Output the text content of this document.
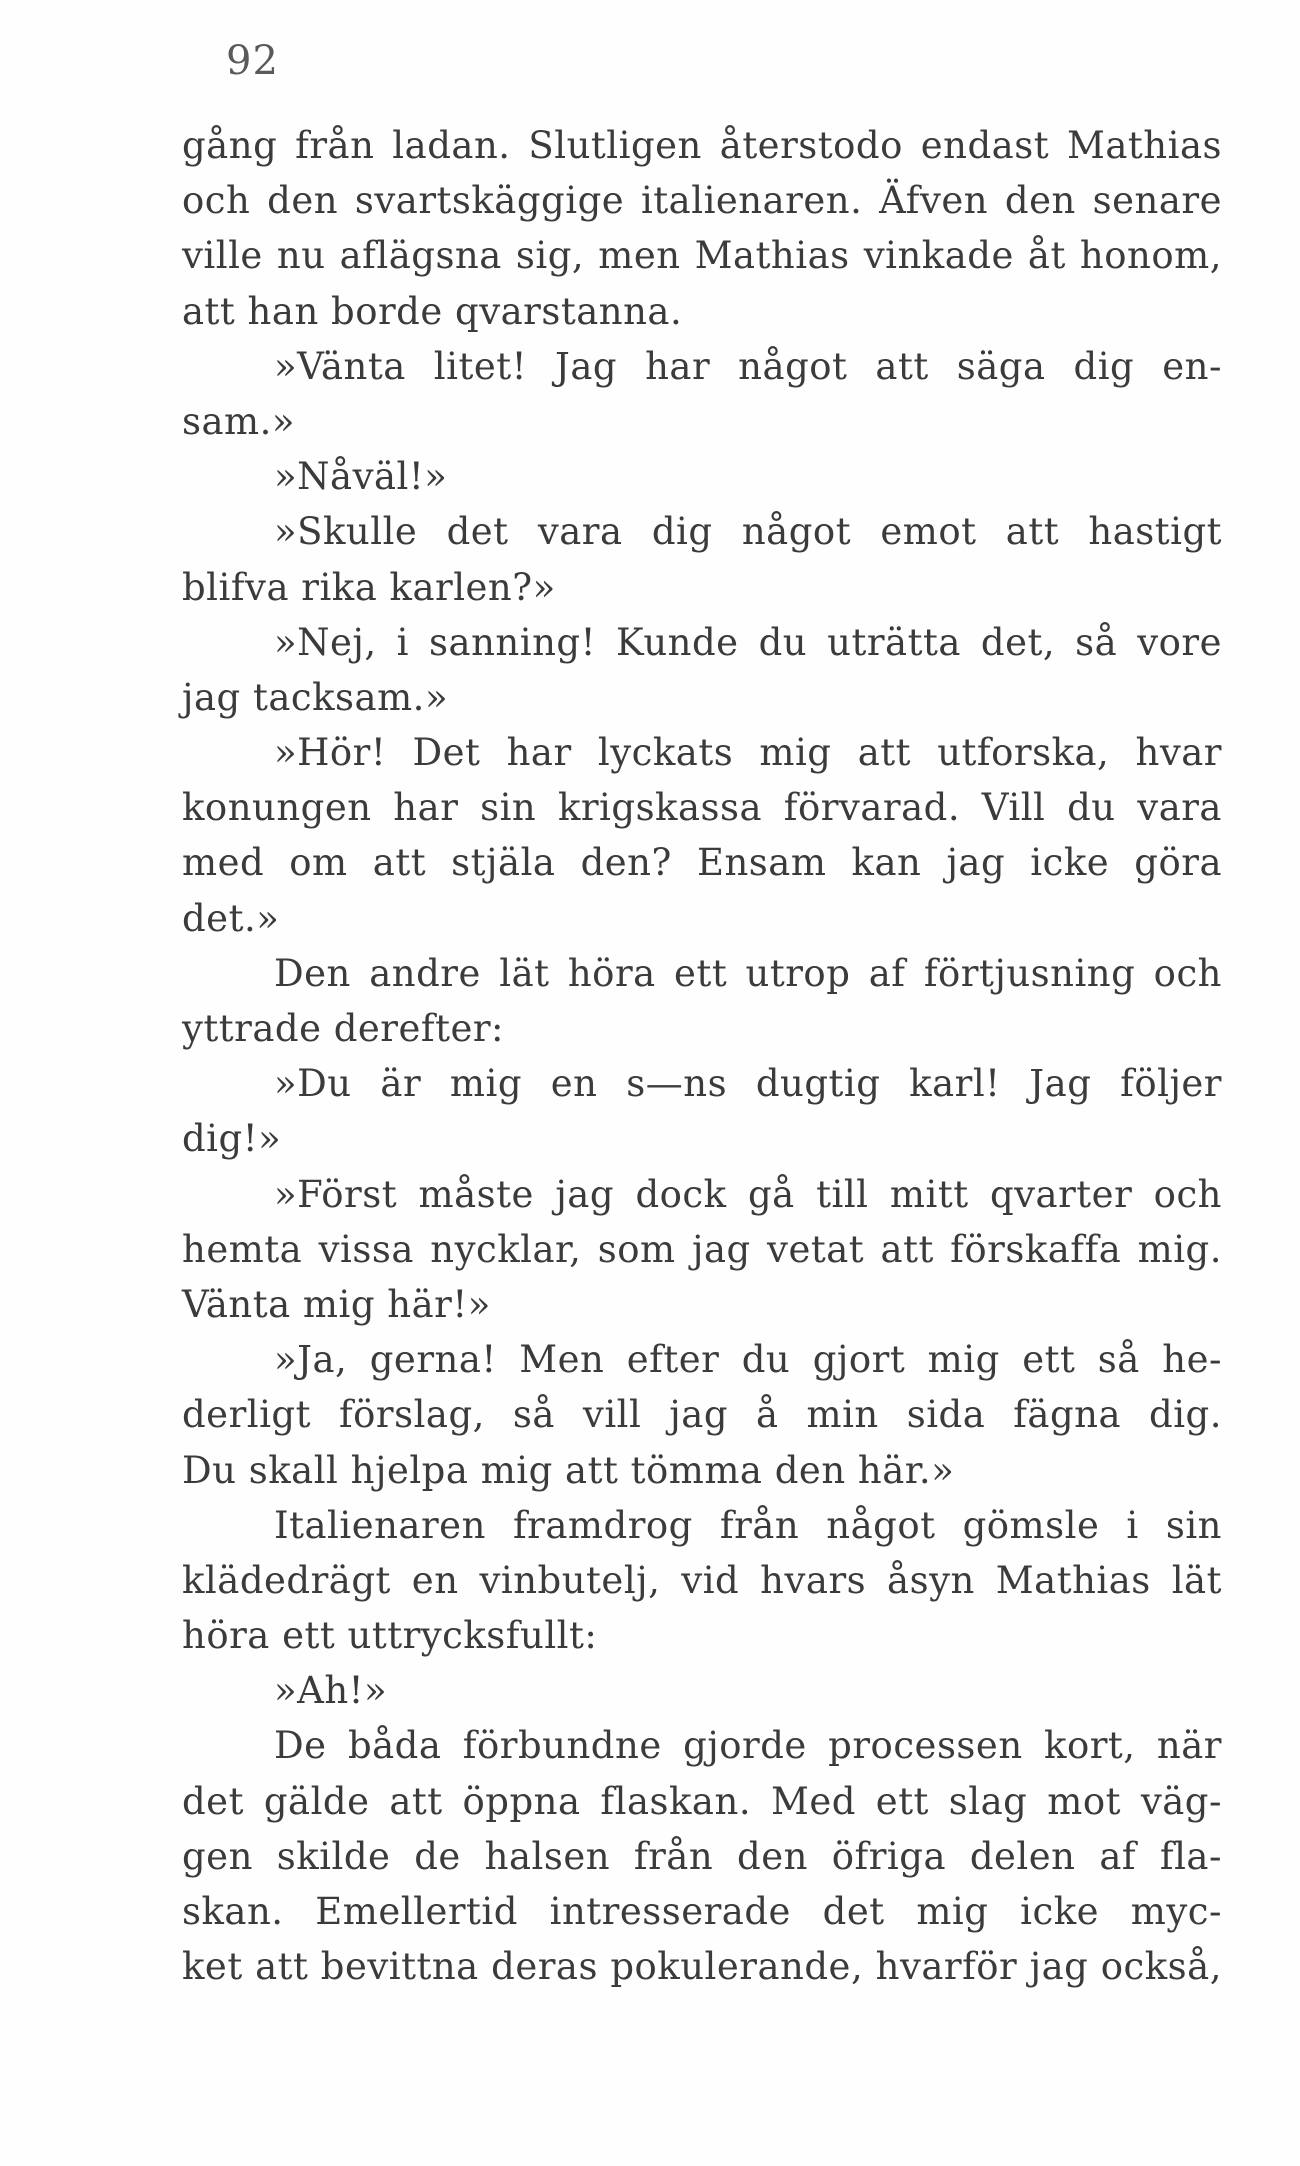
92
gång från ladan. Slutligen återstodo endast Mathias
och den svartskäggige italienaren. Äfven den senare
ville nu aflägsna sig, men Mathias vinkade åt honom,
att han borde qvarstanna.
»Vänta litet! Jag har något att säga dig en-
sam.»
»Nåväl!»
»Skulle det vara dig något emot att hastigt
blifva rika karlen?»
»Nej, i sanning! Kunde du uträtta det, så vore
jag tacksam.»
»Hör! Det har lyckats mig att utforska, hvar
konungen har sin krigskassa förvarad. Vill du vara
med om att stjäla den? Ensam kan jag icke göra
det.»
Den andre lät höra ett utrop af förtjusning och
yttrade derefter:
»Du är mig en s—ns dugtig karl! Jag följer
dig!»
»Först måste jag dock gå till mitt qvarter och
hemta vissa nycklar, som jag vetat att förskaffa mig.
Vänta mig här!»
»Ja, gerna! Men efter du gjort mig ett så he-
derligt förslag, så vill jag å min sida fägna dig.
Du skall hjelpa mig att tömma den här.»
Italienaren framdrog från något gömsle i sin
klädedrägt en vinbutelj, vid hvars åsyn Mathias lät
höra ett uttrycksfullt:
»Ah!»
De båda förbundne gjorde processen kort, när
det gälde att öppna flaskan. Med ett slag mot väg-
gen skilde de halsen från den öfriga delen af fla-
skan. Emellertid intresserade det mig icke myc-
ket att bevittna deras pokulerande, hvarför jag också,
